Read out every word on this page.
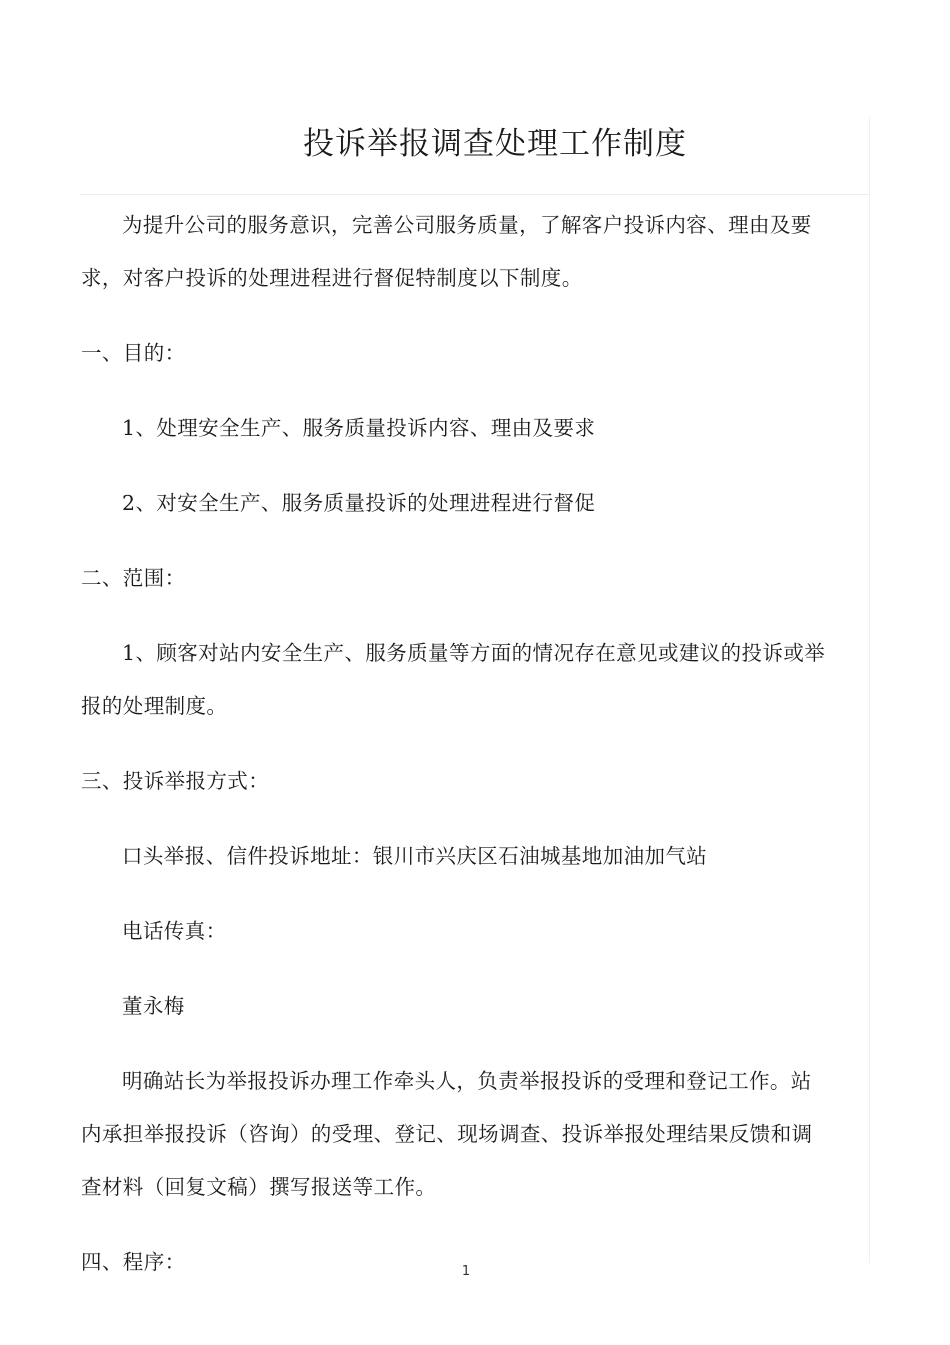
投诉举报调查处理工作制度

为提升公司的服务意识，完善公司服务质量，了解客户投诉内容、理由及要求，对客户投诉的处理进程进行督促特制度以下制度。

一、目的：

1、处理安全生产、服务质量投诉内容、理由及要求

2、对安全生产、服务质量投诉的处理进程进行督促

二、范围：

1、顾客对站内安全生产、服务质量等方面的情况存在意见或建议的投诉或举报的处理制度。

三、投诉举报方式：

口头举报、信件投诉地址：银川市兴庆区石油城基地加油加气站

电话传真：

董永梅

明确站长为举报投诉办理工作牵头人，负责举报投诉的受理和登记工作。站内承担举报投诉（咨询）的受理、登记、现场调查、投诉举报处理结果反馈和调查材料（回复文稿）撰写报送等工作。

四、程序：	1
